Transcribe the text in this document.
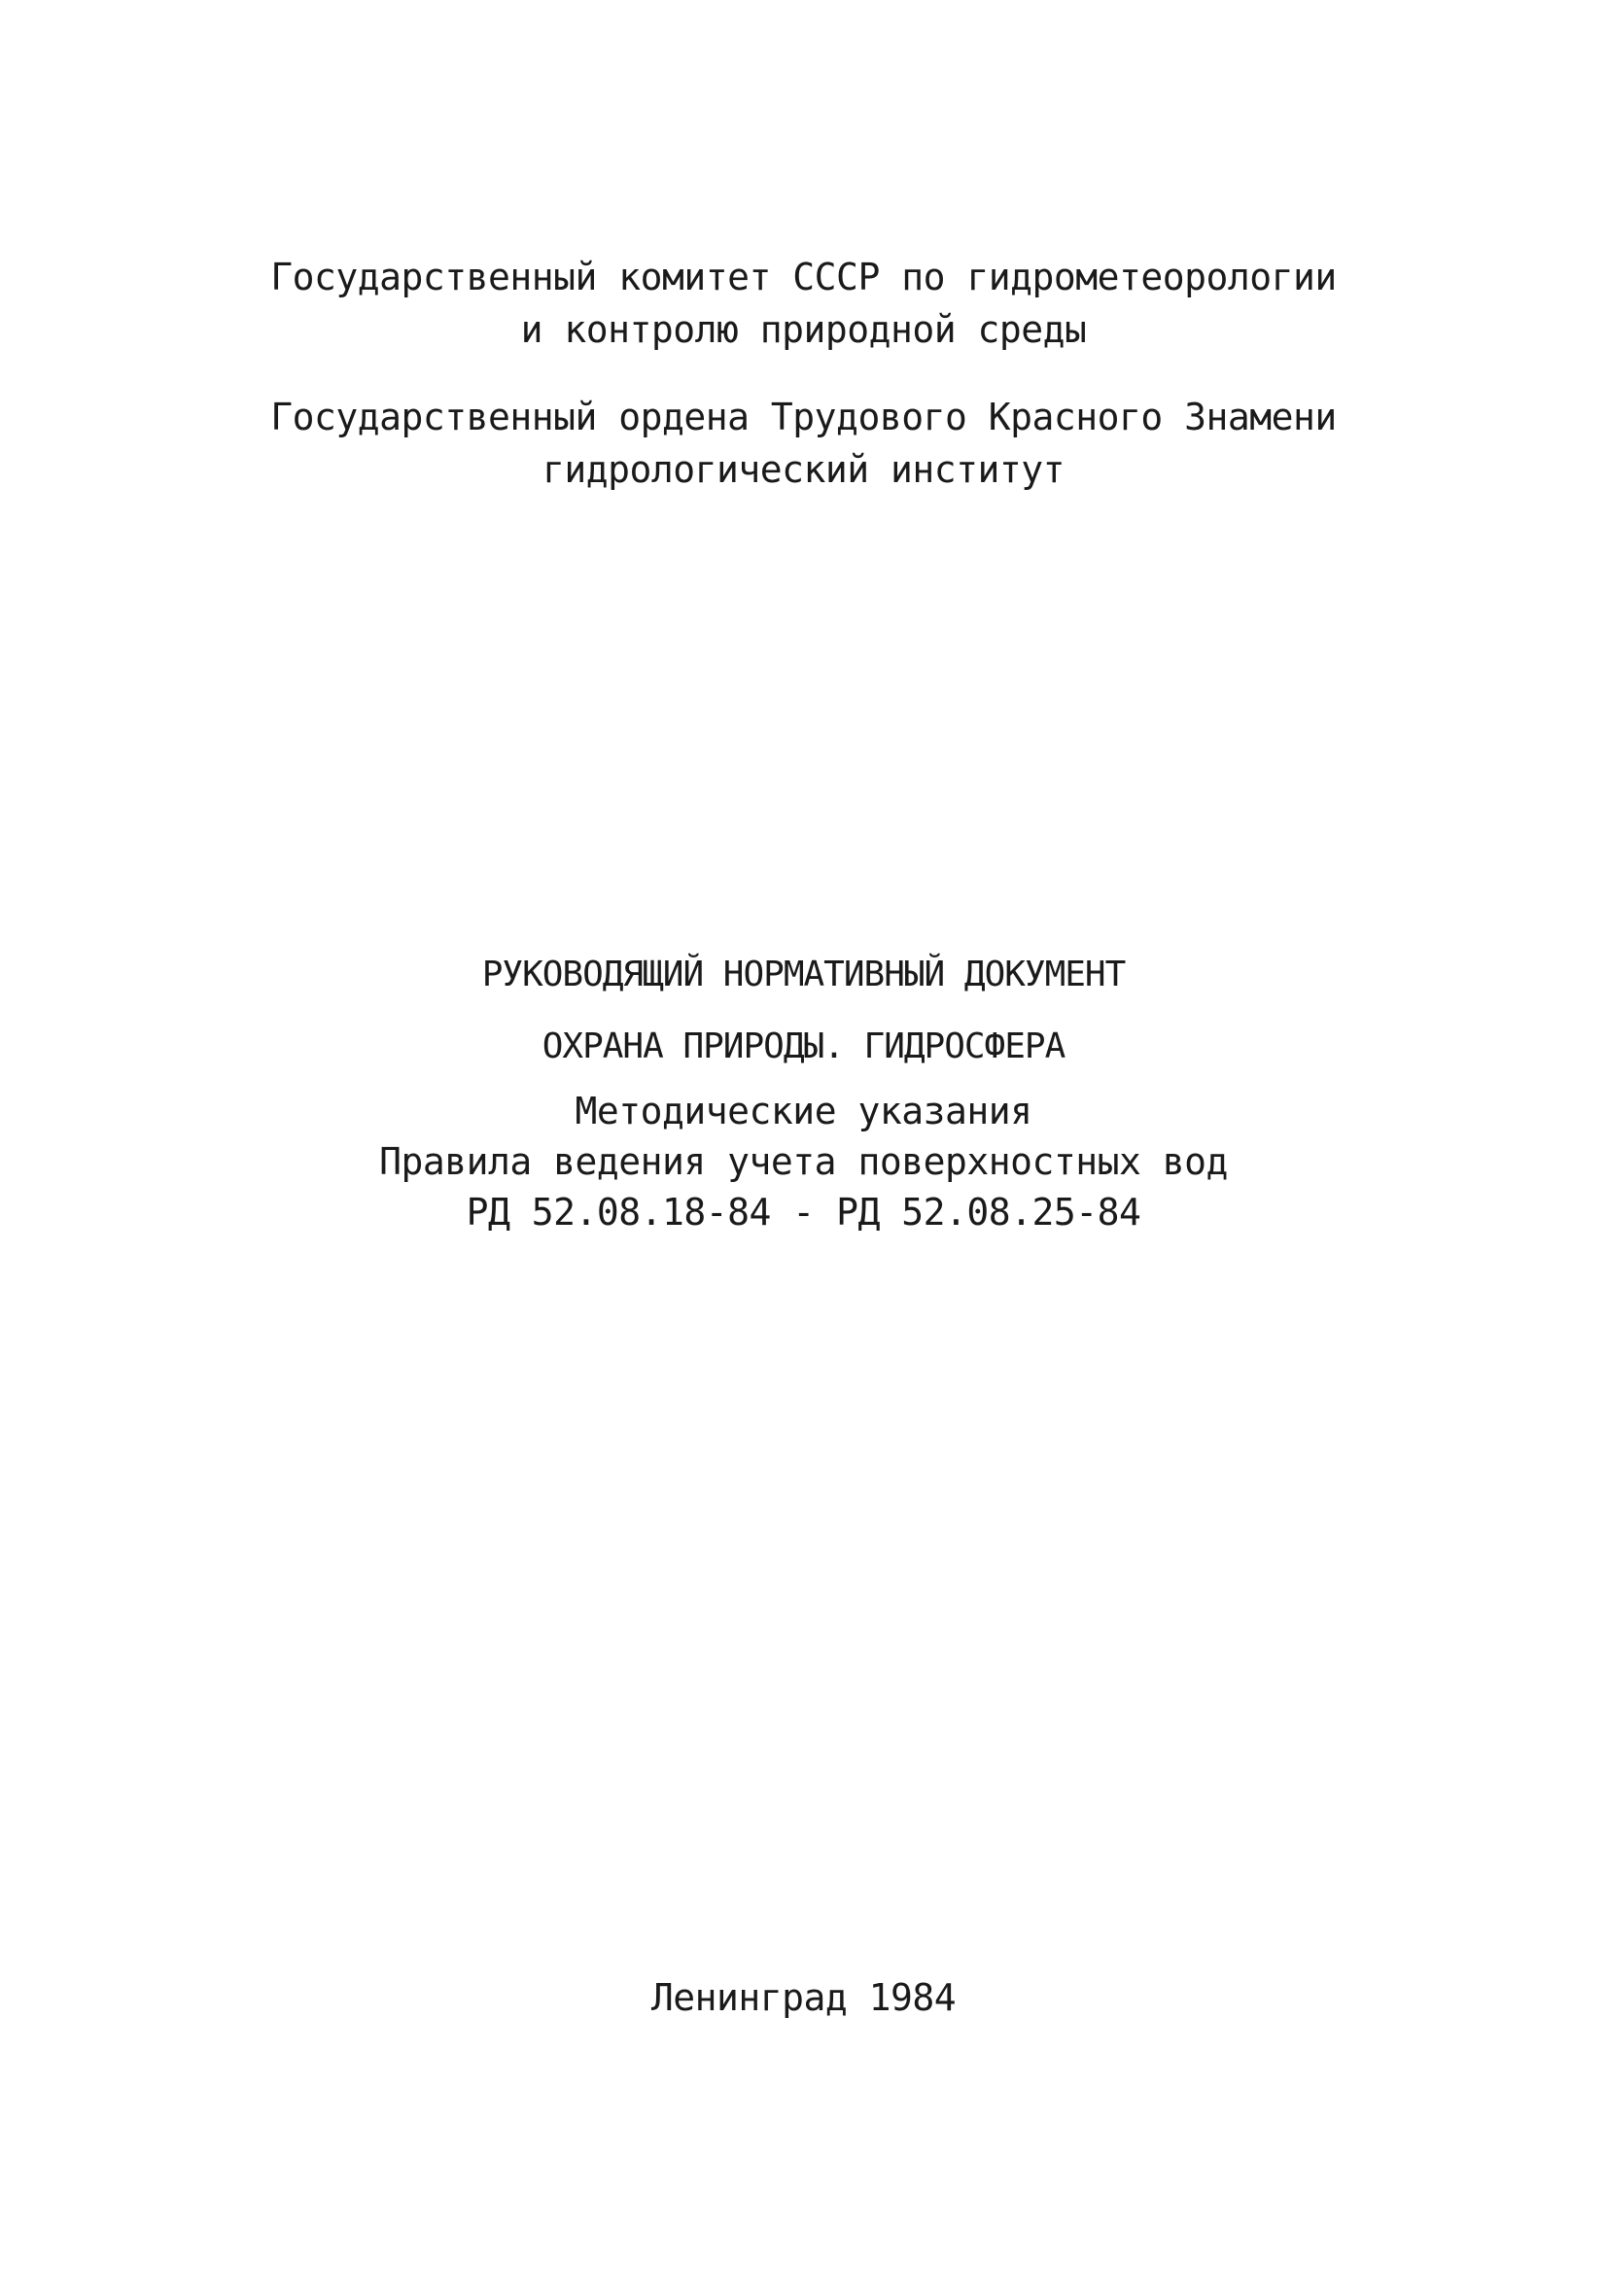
Государственный комитет СССР по гидрометеорологии
и контролю природной среды
Государственный ордена Трудового Красного Знамени
гидрологический институт
РУКОВОДЯЩИЙ НОРМАТИВНЫЙ ДОКУМЕНТ
ОХРАНА ПРИРОДЫ. ГИДРОСФЕРА
Методические указания
Правила ведения учета поверхностных вод
РД 52.08.18-84 - РД 52.08.25-84
Ленинград 1984
